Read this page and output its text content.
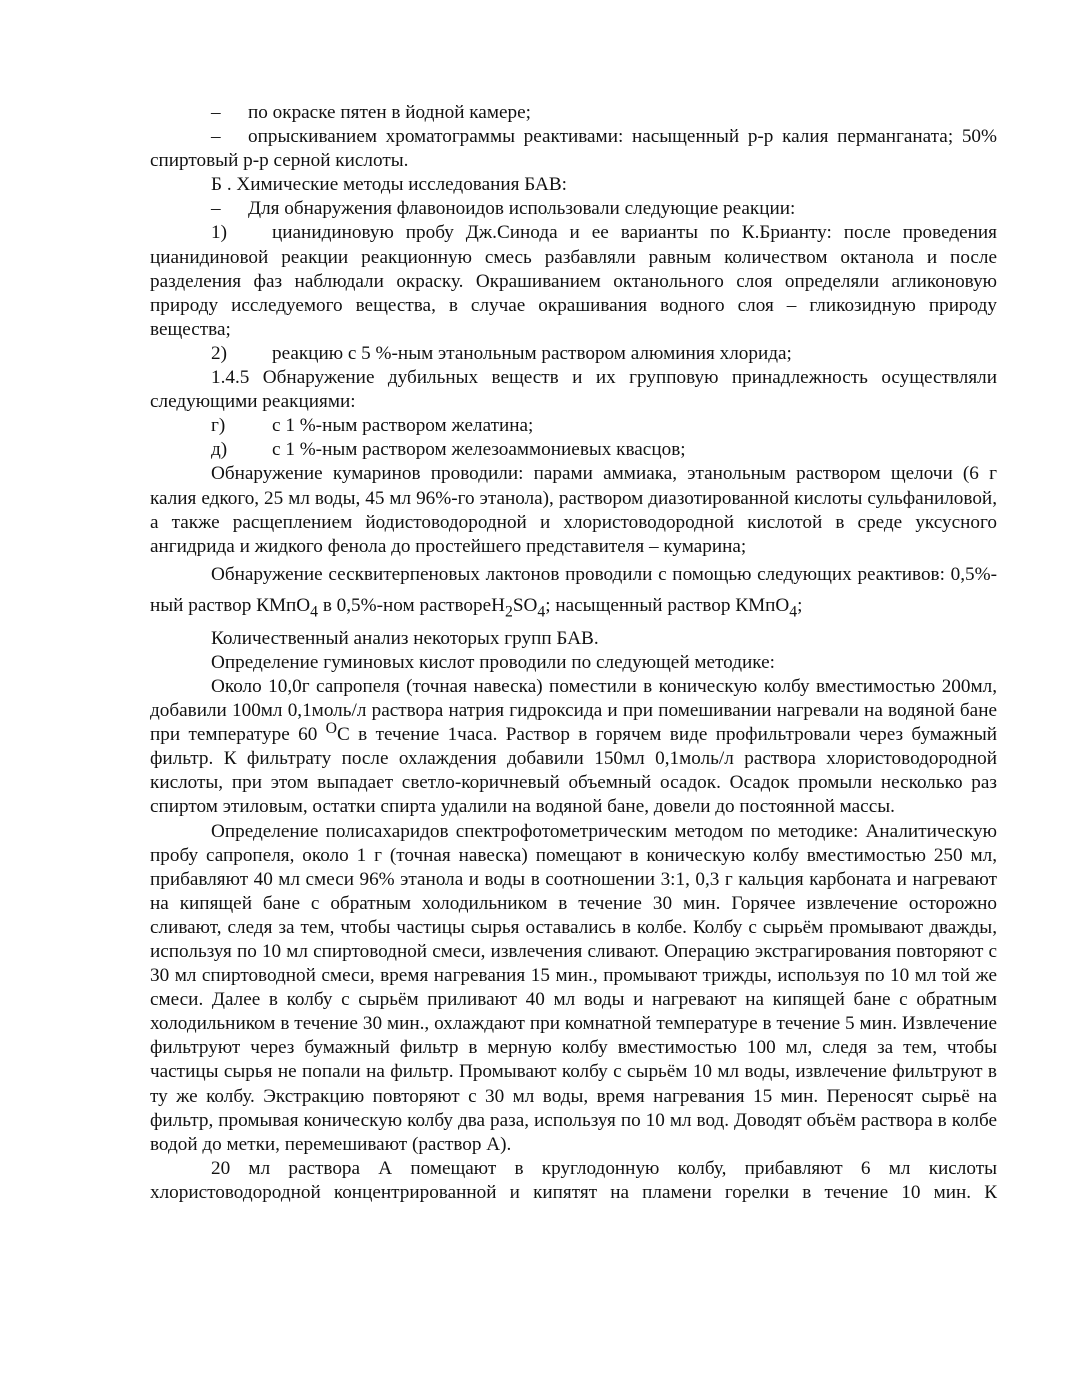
– по окраске пятен в йодной камере;

– опрыскиванием хроматограммы реактивами: насыщенный р-р калия перманганата; 50% спиртовый р-р серной кислоты.

Б . Химические методы исследования БАВ:

– Для обнаружения флавоноидов использовали следующие реакции:

1) цианидиновую пробу Дж.Синода и ее варианты по К.Брианту: после проведения цианидиновой реакции реакционную смесь разбавляли равным количеством октанола и после разделения фаз наблюдали окраску. Окрашиванием октанольного слоя определяли агликоновую природу исследуемого вещества, в случае окрашивания водного слоя – гликозидную природу вещества;

2) реакцию с 5 %-ным этанольным раствором алюминия хлорида;

1.4.5 Обнаружение дубильных веществ и их групповую принадлежность осуществляли следующими реакциями:

г) с 1 %-ным раствором желатина;

д) с 1 %-ным раствором железоаммониевых квасцов;

Обнаружение кумаринов проводили: парами аммиака, этанольным раствором щелочи (6 г калия едкого, 25 мл воды, 45 мл 96%-го этанола), раствором диазотированной кислоты сульфаниловой, а также расщеплением йодистоводородной и хлористоводородной кислотой в среде уксусного ангидрида и жидкого фенола до простейшего представителя – кумарина;

Обнаружение сесквитерпеновых лактонов проводили с помощью следующих реактивов: 0,5%-ный раствор КМпО$_4$ в 0,5%-ном $раствореH_2SO_4$; насыщенный раствор КМпО$_4$;

Количественный анализ некоторых групп БАВ.

Определение гуминовых кислот проводили по следующей методике:

Около 10,0г сапропеля (точная навеска) поместили в коническую колбу вместимостью 200мл, добавили 100мл 0,1моль/л раствора натрия гидроксида и при помешивании нагревали на водяной бане при температуре 60 $^О$С в течение 1часа. Раствор в горячем виде профильтровали через бумажный фильтр. К фильтрату после охлаждения добавили 150мл 0,1моль/л раствора хлористоводородной кислоты, при этом выпадает светло-коричневый объемный осадок. Осадок промыли несколько раз спиртом этиловым, остатки спирта удалили на водяной бане, довели до постоянной массы.

Определение полисахаридов спектрофотометрическим методом по методике: Аналитическую пробу сапропеля, около 1 г (точная навеска) помещают в коническую колбу вместимостью 250 мл, прибавляют 40 мл смеси 96% этанола и воды в соотношении 3:1, 0,3 г кальция карбоната и нагревают на кипящей бане с обратным холодильником в течение 30 мин. Горячее извлечение осторожно сливают, следя за тем, чтобы частицы сырья оставались в колбе. Колбу с сырьём промывают дважды, используя по 10 мл спиртоводной смеси, извлечения сливают. Операцию экстрагирования повторяют с 30 мл спиртоводной смеси, время нагревания 15 мин., промывают трижды, используя по 10 мл той же смеси. Далее в колбу с сырьём приливают 40 мл воды и нагревают на кипящей бане с обратным холодильником в течение 30 мин., охлаждают при комнатной температуре в течение 5 мин. Извлечение фильтруют через бумажный фильтр в мерную колбу вместимостью 100 мл, следя за тем, чтобы частицы сырья не попали на фильтр. Промывают колбу с сырьём 10 мл воды, извлечение фильтруют в ту же колбу. Экстракцию повторяют с 30 мл воды, время нагревания 15 мин. Переносят сырьё на фильтр, промывая коническую колбу два раза, используя по 10 мл вод. Доводят объём раствора в колбе водой до метки, перемешивают (раствор А).

20 мл раствора А помещают в круглодонную колбу, прибавляют 6 мл кислоты хлористоводородной концентрированной и кипятят на пламени горелки в течение 10 мин. К
